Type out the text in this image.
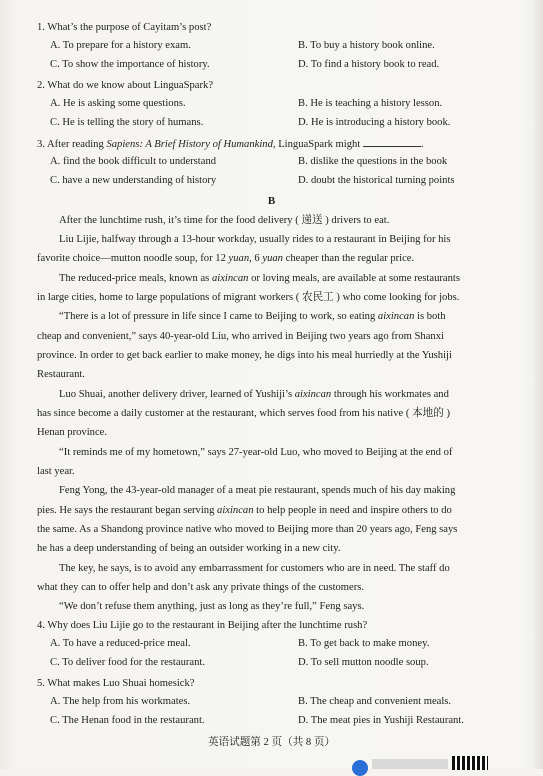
1. What’s the purpose of Cayitam’s post?
A. To prepare for a history exam.	B. To buy a history book online.
C. To show the importance of history.	D. To find a history book to read.
2. What do we know about LinguaSpark?
A. He is asking some questions.	B. He is teaching a history lesson.
C. He is telling the story of humans.	D. He is introducing a history book.
3. After reading Sapiens: A Brief History of Humankind, LinguaSpark might	.
A. find the book difficult to understand	B. dislike the questions in the book
C. have a new understanding of history	D. doubt the historical turning points
B
After the lunchtime rush, it’s time for the food delivery ( 递送 ) drivers to eat.
Liu Lijie, halfway through a 13-hour workday, usually rides to a restaurant in Beijing for his
favorite choice—mutton noodle soup, for 12 yuan, 6 yuan cheaper than the regular price.
The reduced-price meals, known as aixincan or loving meals, are available at some restaurants
in large cities, home to large populations of migrant workers ( 农民工 ) who come looking for jobs.
“There is a lot of pressure in life since I came to Beijing to work, so eating aixincan is both
cheap and convenient,” says 40-year-old Liu, who arrived in Beijing two years ago from Shanxi
province. In order to get back earlier to make money, he digs into his meal hurriedly at the Yushiji
Restaurant.
Luo Shuai, another delivery driver, learned of Yushiji’s aixincan through his workmates and
has since become a daily customer at the restaurant, which serves food from his native ( 本地的 )
Henan province.
“It reminds me of my hometown,” says 27-year-old Luo, who moved to Beijing at the end of
last year.
Feng Yong, the 43-year-old manager of a meat pie restaurant, spends much of his day making
pies. He says the restaurant began serving aixincan to help people in need and inspire others to do
the same. As a Shandong province native who moved to Beijing more than 20 years ago, Feng says
he has a deep understanding of being an outsider working in a new city.
The key, he says, is to avoid any embarrassment for customers who are in need. The staff do
what they can to offer help and don’t ask any private things of the customers.
“We don’t refuse them anything, just as long as they’re full,” Feng says.
4. Why does Liu Lijie go to the restaurant in Beijing after the lunchtime rush?
A. To have a reduced-price meal.	B. To get back to make money.
C. To deliver food for the restaurant.	D. To sell mutton noodle soup.
5. What makes Luo Shuai homesick?
A. The help from his workmates.	B. The cheap and convenient meals.
C. The Henan food in the restaurant.	D. The meat pies in Yushiji Restaurant.
英语试题第 2 页（共 8 页）
